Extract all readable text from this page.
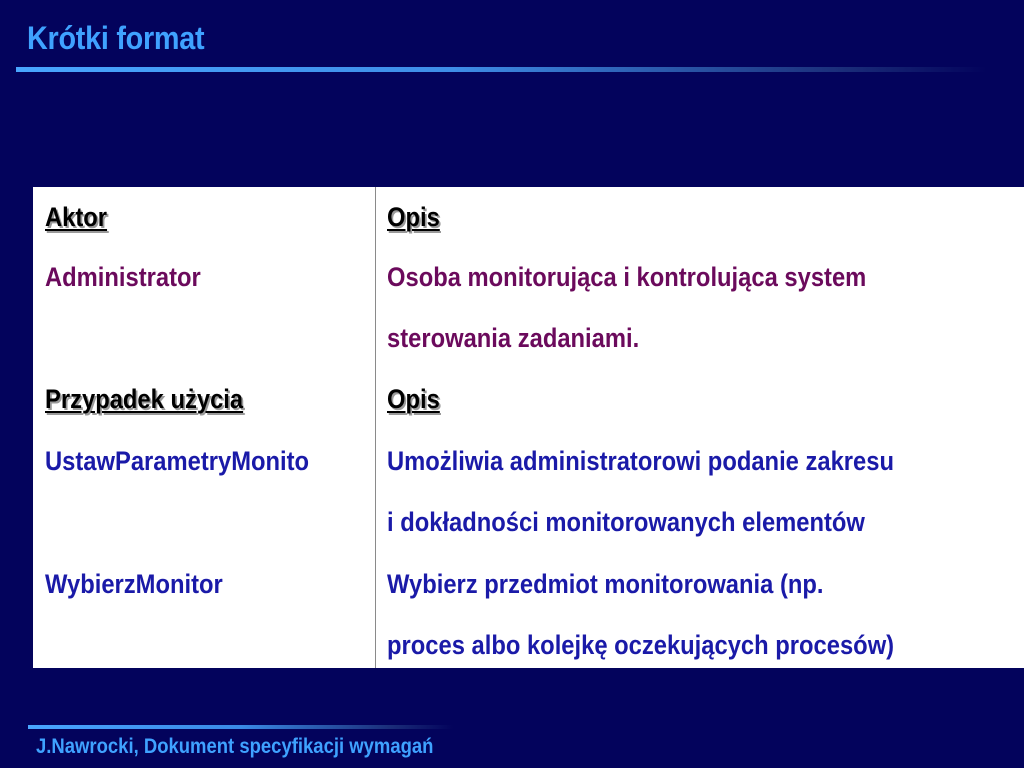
Krótki format
Aktor
Administrator
Przypadek użycia
UstawParametryMonito
WybierzMonitor
Opis
Osoba monitorująca i kontrolująca system
sterowania zadaniami.
Opis
Umożliwia administratorowi podanie zakresu
i dokładności monitorowanych elementów
Wybierz przedmiot monitorowania (np.
proces albo kolejkę oczekujących procesów)
J.Nawrocki, Dokument specyfikacji wymagań
